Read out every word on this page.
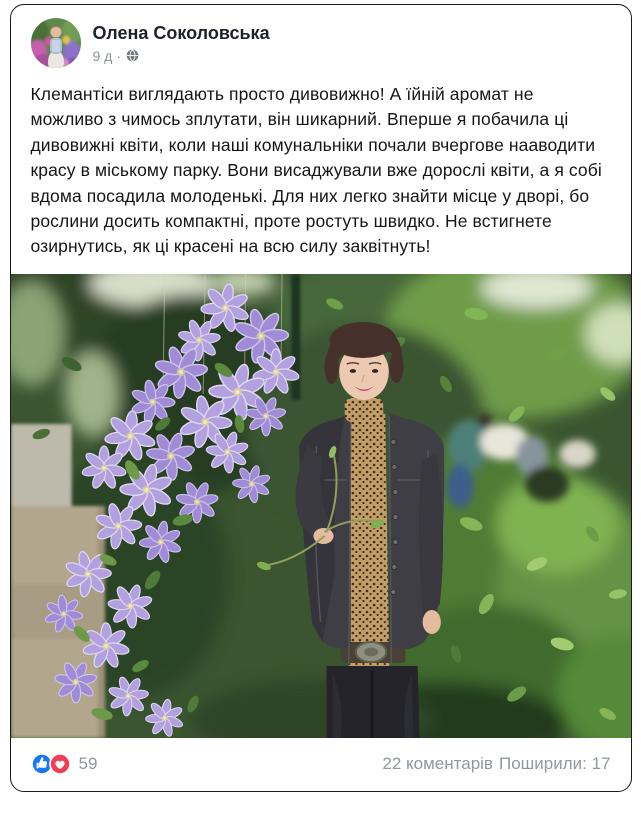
Олена Соколовська
9 д ·
Клемантіси виглядають просто дивовижно! А їйній аромат не можливо з чимось зплутати, він шикарний. Вперше я побачила ці дивовижні квіти, коли наші комунальніки почали вчергове нааводити красу в міському парку. Вони висаджували вже дорослі квіти, а я собі вдома посадила молоденькі. Для них легко знайти місце у дворі, бо рослини досить компактні, проте ростуть швидко. Не встигнете озирнутись, як ці красені на всю силу заквітнуть!
59	22 коментарів Поширили: 17
